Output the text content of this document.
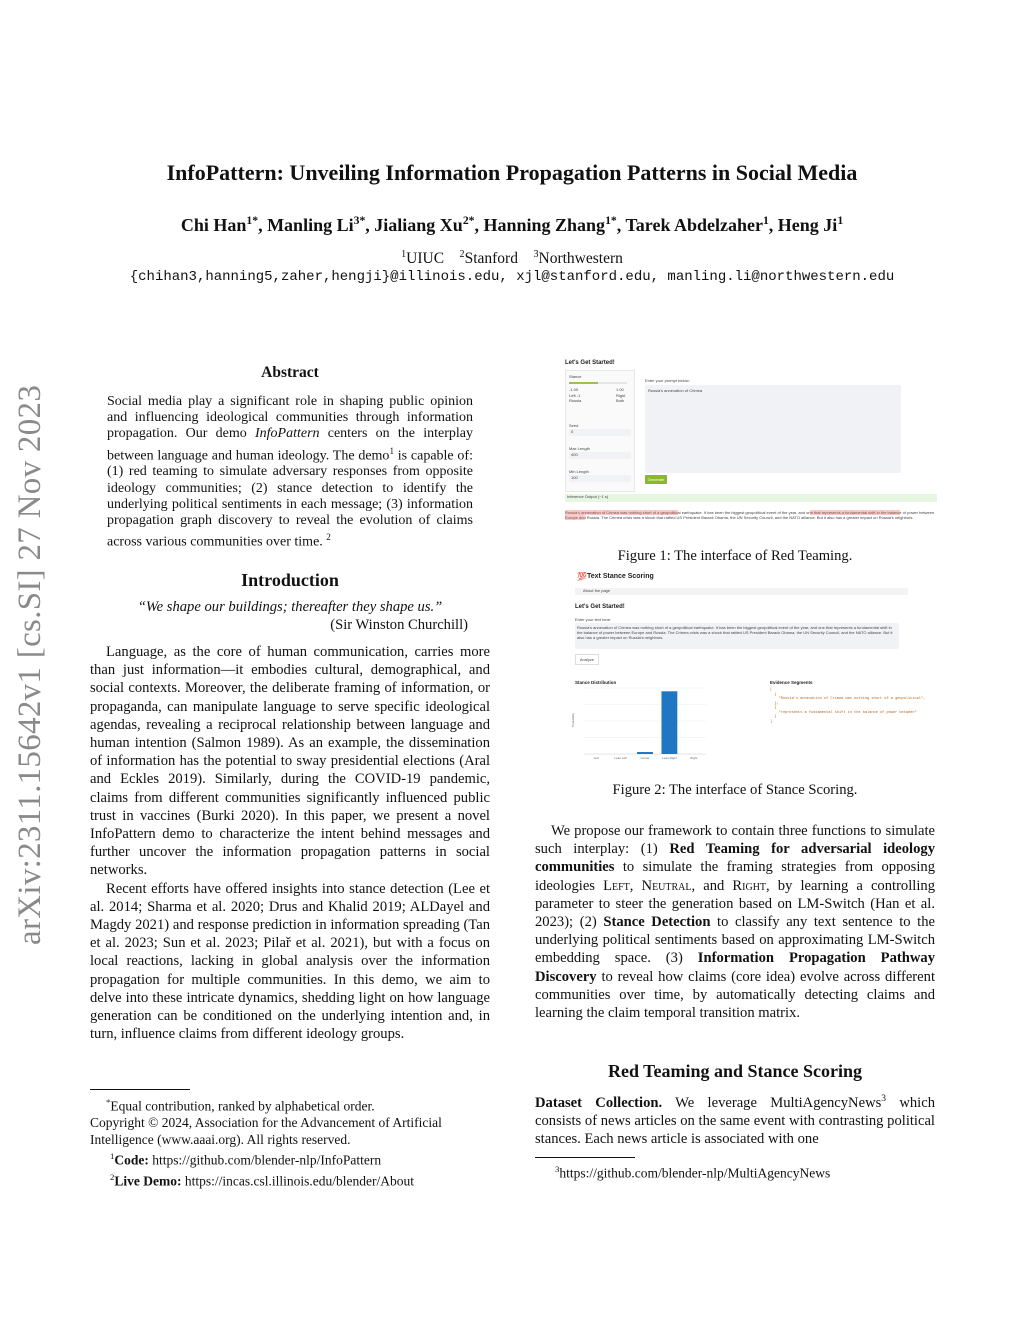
InfoPattern: Unveiling Information Propagation Patterns in Social Media
Chi Han$^{1*}$, Manling $Li^{3*}$, Jialiang $Xu^{2*}$, Hanning Zhang$^{1*}$, Tarek Abdelzaher$^1$, Heng Ji$^1$
$^1$UIUC $^2$Stanford $^3$Northwestern
{chihan3,hanning5,zaher,hengji}@illinois.edu, xjl@stanford.edu, manling.li@northwestern.edu
arXiv:2311.15642v1 [cs.SI] 27 Nov 2023
Abstract
Social media play a significant role in shaping public opinion and influencing ideological communities through information propagation. Our demo InfoPattern centers on the interplay between language and human ideology. The demo$^1$ is capable of: (1) red teaming to simulate adversary responses from opposite ideology communities; (2) stance detection to identify the underlying political sentiments in each message; (3) information propagation graph discovery to reveal the evolution of claims across various communities over time. $^2$
Introduction
“We shape our buildings; thereafter they shape us.”
(Sir Winston Churchill)

Language, as the core of human communication, carries more than just information—it embodies cultural, demographical, and social contexts. Moreover, the deliberate framing of information, or propaganda, can manipulate language to serve specific ideological agendas, revealing a reciprocal relationship between language and human intention (Salmon 1989). As an example, the dissemination of information has the potential to sway presidential elections (Aral and Eckles 2019). Similarly, during the COVID-19 pandemic, claims from different communities significantly influenced public trust in vaccines (Burki 2020). In this paper, we present a novel InfoPattern demo to characterize the intent behind messages and further uncover the information propagation patterns in social networks.

Recent efforts have offered insights into stance detection (Lee et al. 2014; Sharma et al. 2020; Drus and Khalid 2019; ALDayel and Magdy 2021) and response prediction in information spreading (Tan et al. 2023; Sun et al. 2023; Pilař et al. 2021), but with a focus on local reactions, lacking in global analysis over the information propagation for multiple communities. In this demo, we aim to delve into these intricate dynamics, shedding light on how language generation can be conditioned on the underlying intention and, in turn, influence claims from different ideology groups.

*Equal contribution, ranked by alphabetical order.
Copyright © 2024, Association for the Advancement of Artificial Intelligence (www.aaai.org). All rights reserved.
$^1$Code: https://github.com/blender-nlp/InfoPattern
$^2$Live Demo: https://incas.csl.illinois.edu/blender/About
Let's Get Started!
Stance
-1.00	1.00
Left -1	Right
Russia	Both
Seed
0
Max Length
400
Min Length
100
Enter your prompt below:
Russia's annexation of Crimea
Generate
Inference Output (~1 s)
Russia's annexation of Crimea was nothing short of a geopolitical earthquake. It has been the biggest geopolitical event of the year, and one that represents a fundamental shift in the balance of power between Europe and Russia. The Crimea crisis was a shock that rattled US President Barack Obama, the UN Security Council, and the NATO alliance. But it also has a greater impact on Russia's neighbors.
Figure 1: The interface of Red Teaming.
💯 Text Stance Scoring
About the page
Let's Get Started!
Enter your text here:
Russia's annexation of Crimea was nothing short of a geopolitical earthquake. It has been the biggest geopolitical event of the year, and one that represents a fundamental shift in the balance of power between Europe and Russia. The Crimea crisis was a shock that rattled US President Barack Obama, the UN Security Council, and the NATO alliance. But it also has a greater impact on Russia's neighbors.
Analyze
Stance Distribution
Left	Lean Left	Center	Lean Right	Right
Probability
Evidence Segments
[
{
"Russia's annexation of Crimea was nothing short of a geopolitical",
},
{
"represents a fundamental shift in the balance of power between"
}
]
Figure 2: The interface of Stance Scoring.

We propose our framework to contain three functions to simulate such interplay: (1) Red Teaming for adversarial ideology communities to simulate the framing strategies from opposing ideologies Left, Neutral, and Right, by learning a controlling parameter to steer the generation based on LM-Switch (Han et al. 2023); (2) Stance Detection to classify any text sentence to the underlying political sentiments based on approximating LM-Switch embedding space. (3) Information Propagation Pathway Discovery to reveal how claims (core idea) evolve across different communities over time, by automatically detecting claims and learning the claim temporal transition matrix.

Red Teaming and Stance Scoring

Dataset Collection. We leverage MultiAgencyNews$^3$ which consists of news articles on the same event with contrasting political stances. Each news article is associated with one

$^3$https://github.com/blender-nlp/MultiAgencyNews
